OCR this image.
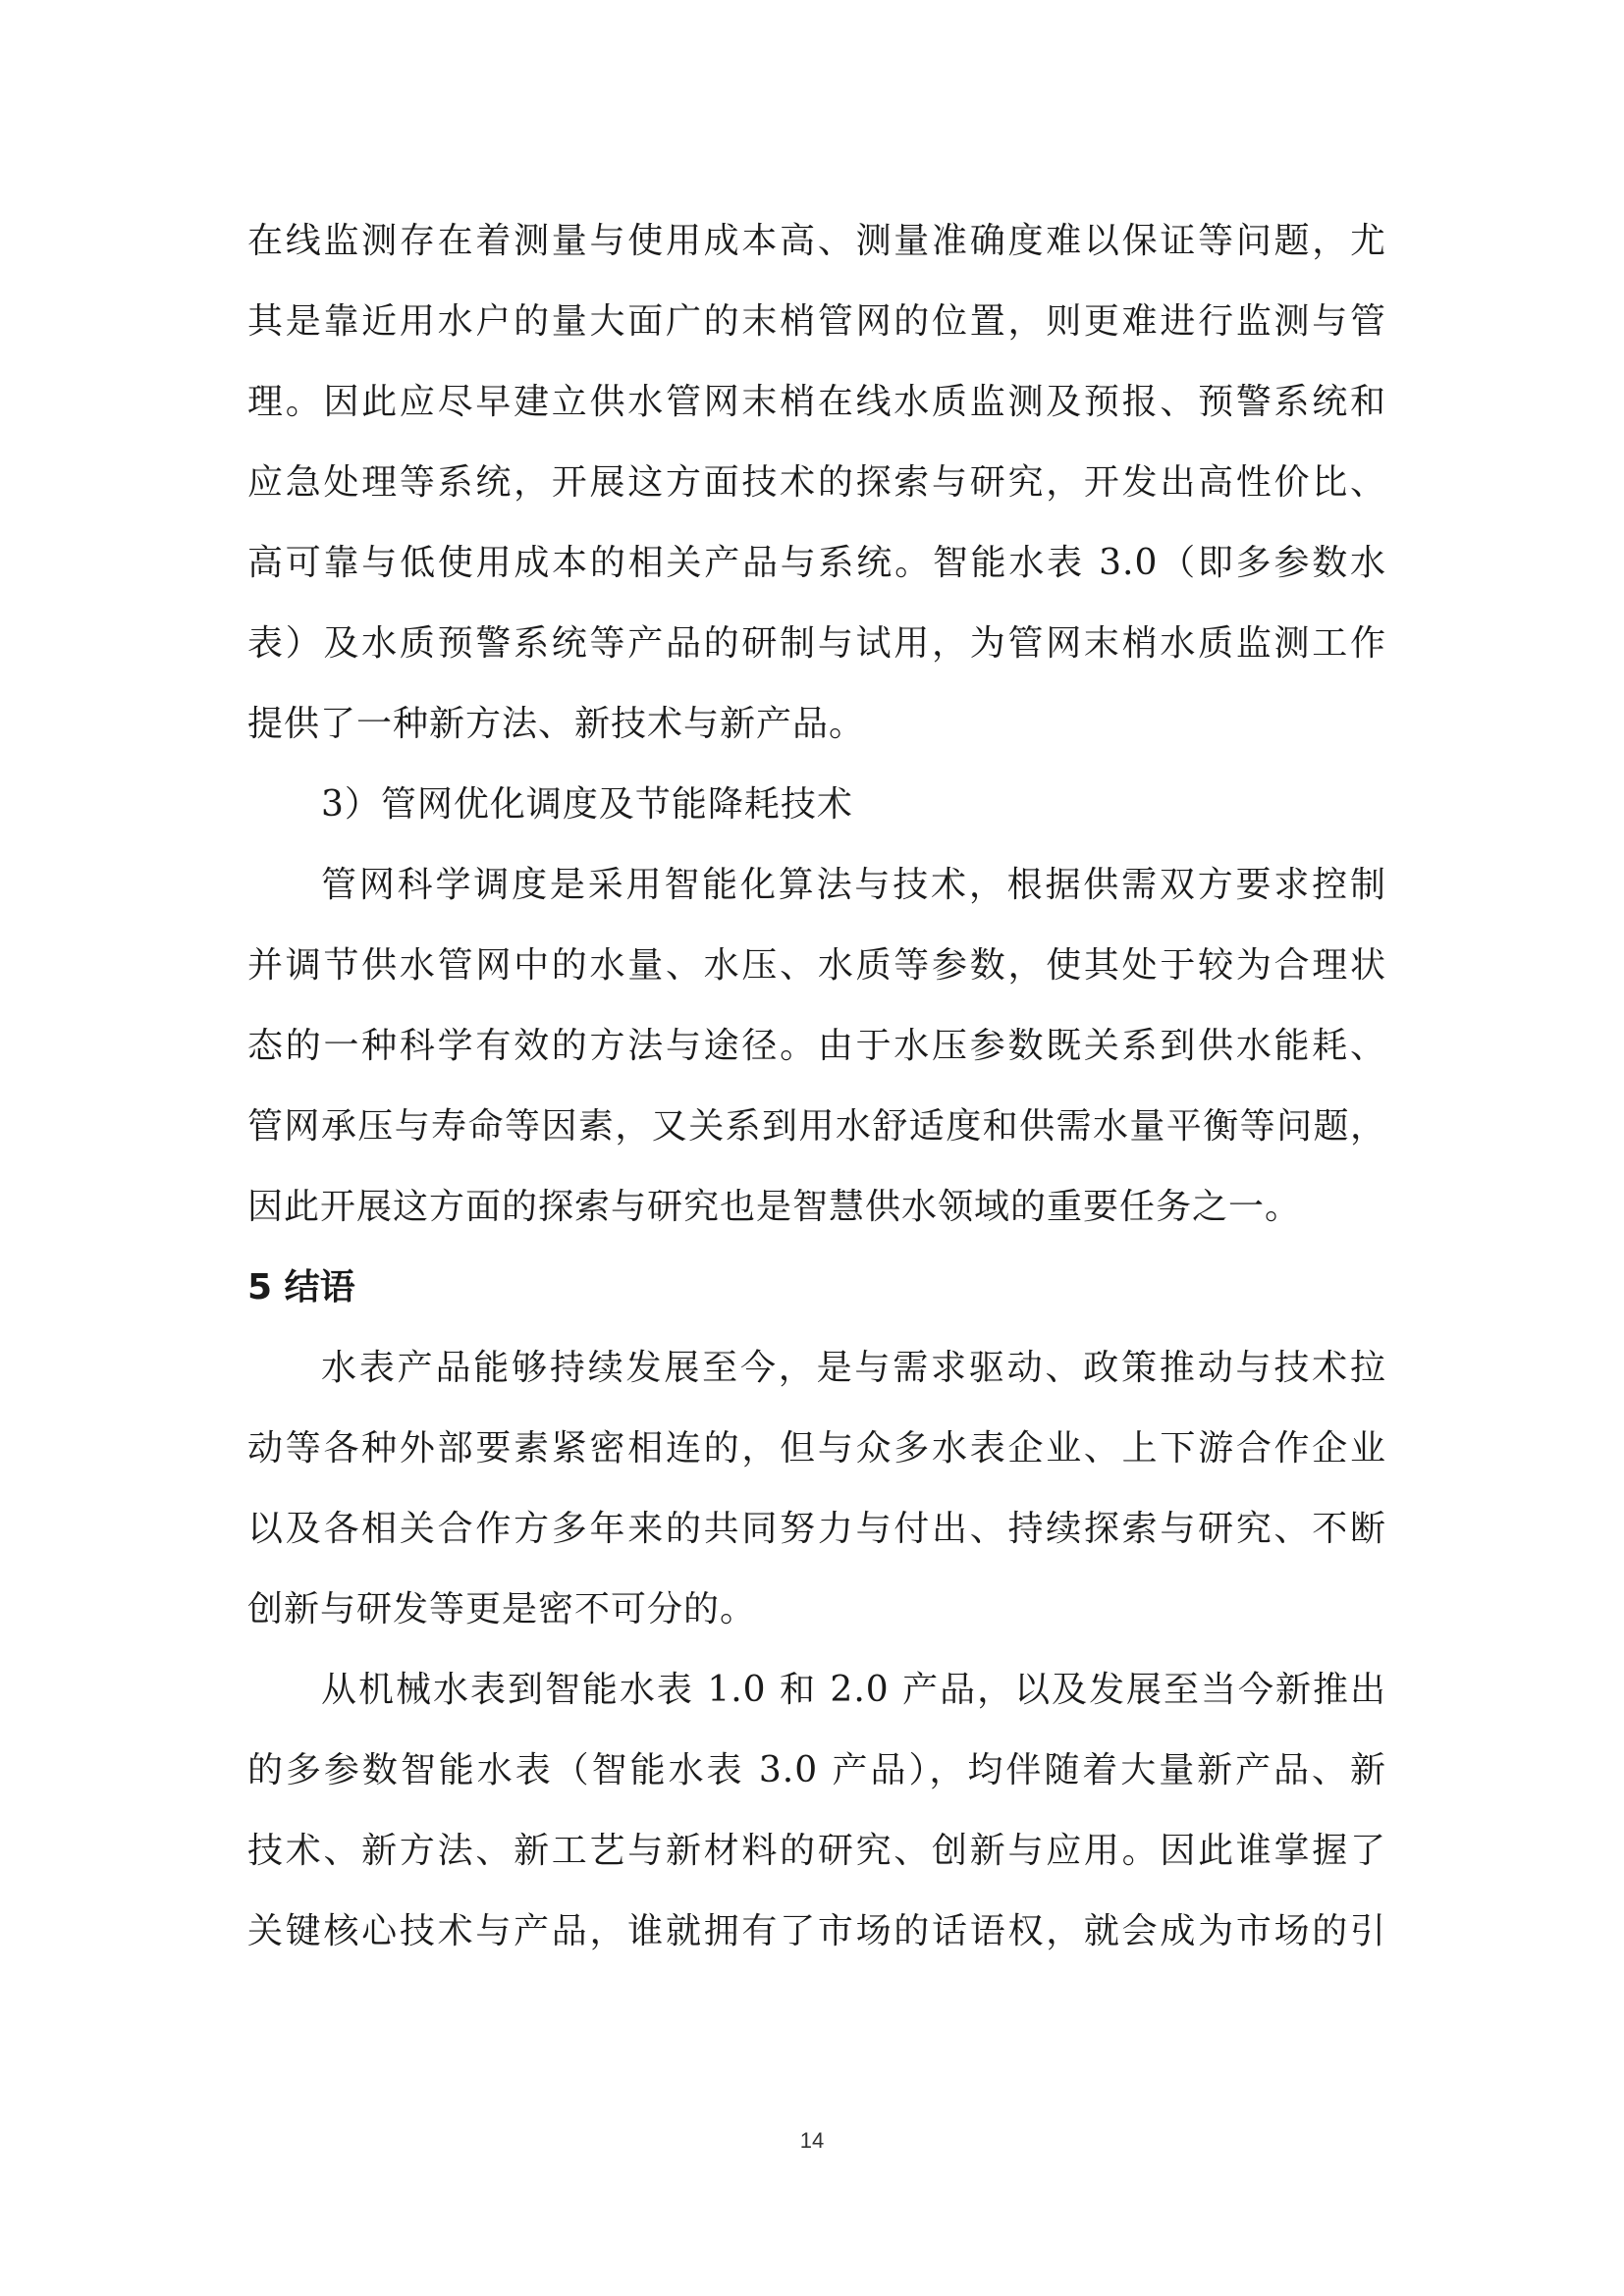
在线监测存在着测量与使用成本高、测量准确度难以保证等问题，尤
其是靠近用水户的量大面广的末梢管网的位置，则更难进行监测与管
理。因此应尽早建立供水管网末梢在线水质监测及预报、预警系统和
应急处理等系统，开展这方面技术的探索与研究，开发出高性价比、
高可靠与低使用成本的相关产品与系统。智能水表 3.0（即多参数水
表）及水质预警系统等产品的研制与试用，为管网末梢水质监测工作
提供了一种新方法、新技术与新产品。
3）管网优化调度及节能降耗技术
管网科学调度是采用智能化算法与技术，根据供需双方要求控制
并调节供水管网中的水量、水压、水质等参数，使其处于较为合理状
态的一种科学有效的方法与途径。由于水压参数既关系到供水能耗、
管网承压与寿命等因素，又关系到用水舒适度和供需水量平衡等问题，
因此开展这方面的探索与研究也是智慧供水领域的重要任务之一。
5 结语
水表产品能够持续发展至今，是与需求驱动、政策推动与技术拉
动等各种外部要素紧密相连的，但与众多水表企业、上下游合作企业
以及各相关合作方多年来的共同努力与付出、持续探索与研究、不断
创新与研发等更是密不可分的。
从机械水表到智能水表 1.0 和 2.0 产品，以及发展至当今新推出
的多参数智能水表（智能水表 3.0 产品），均伴随着大量新产品、新
技术、新方法、新工艺与新材料的研究、创新与应用。因此谁掌握了
关键核心技术与产品，谁就拥有了市场的话语权，就会成为市场的引
14
